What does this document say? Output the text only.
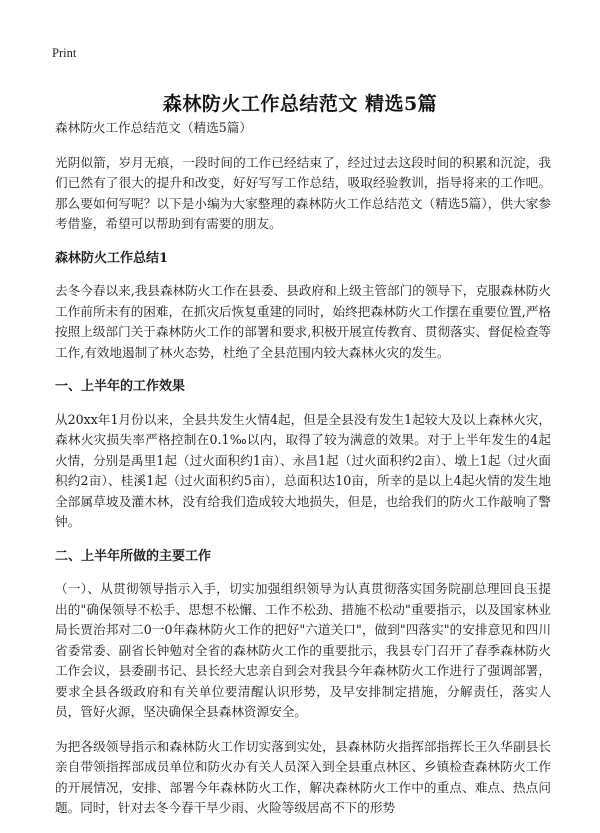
Print
森林防火工作总结范文 精选5篇
森林防火工作总结范文（精选5篇）

光阴似箭，岁月无痕，一段时间的工作已经结束了，经过过去这段时间的积累和沉淀，我们已然有了很大的提升和改变，好好写写工作总结，吸取经验教训，指导将来的工作吧。那么要如何写呢？以下是小编为大家整理的森林防火工作总结范文（精选5篇），供大家参考借鉴，希望可以帮助到有需要的朋友。

森林防火工作总结1

去冬今春以来,我县森林防火工作在县委、县政府和上级主管部门的领导下，克服森林防火工作前所未有的困难，在抓灾后恢复重建的同时，始终把森林防火工作摆在重要位置,严格按照上级部门关于森林防火工作的部署和要求,积极开展宣传教育、贯彻落实、督促检查等工作,有效地遏制了林火态势，杜绝了全县范围内较大森林火灾的发生。

一、上半年的工作效果

从20xx年1月份以来，全县共发生火情4起，但是全县没有发生1起较大及以上森林火灾，森林火灾损失率严格控制在0.1‰以内，取得了较为满意的效果。对于上半年发生的4起火情，分别是禹里1起（过火面积约1亩）、永昌1起（过火面积约2亩）、墩上1起（过火面积约2亩）、桂溪1起（过火面积约5亩），总面积达10亩，所幸的是以上4起火情的发生地全部属草坡及灌木林，没有给我们造成较大地损失，但是，也给我们的防火工作敲响了警钟。

二、上半年所做的主要工作

（一）、从贯彻领导指示入手，切实加强组织领导为认真贯彻落实国务院副总理回良玉提出的"确保领导不松手、思想不松懈、工作不松劲、措施不松动"重要指示，以及国家林业局长贾治邦对二0一0年森林防火工作的把好"六道关口"，做到"四落实"的安排意见和四川省委常委、副省长钟勉对全省的森林防火工作的重要批示，我县专门召开了春季森林防火工作会议，县委副书记、县长经大忠亲自到会对我县今年森林防火工作进行了强调部署，要求全县各级政府和有关单位要清醒认识形势，及早安排制定措施，分解责任，落实人员，管好火源，坚决确保全县森林资源安全。

为把各级领导指示和森林防火工作切实落到实处，县森林防火指挥部指挥长王久华副县长亲自带领指挥部成员单位和防火办有关人员深入到全县重点林区、乡镇检查森林防火工作的开展情况，安排、部署今年森林防火工作，解决森林防火工作中的重点、难点、热点问题。同时，针对去冬今春干旱少雨、火险等级居高不下的形势
